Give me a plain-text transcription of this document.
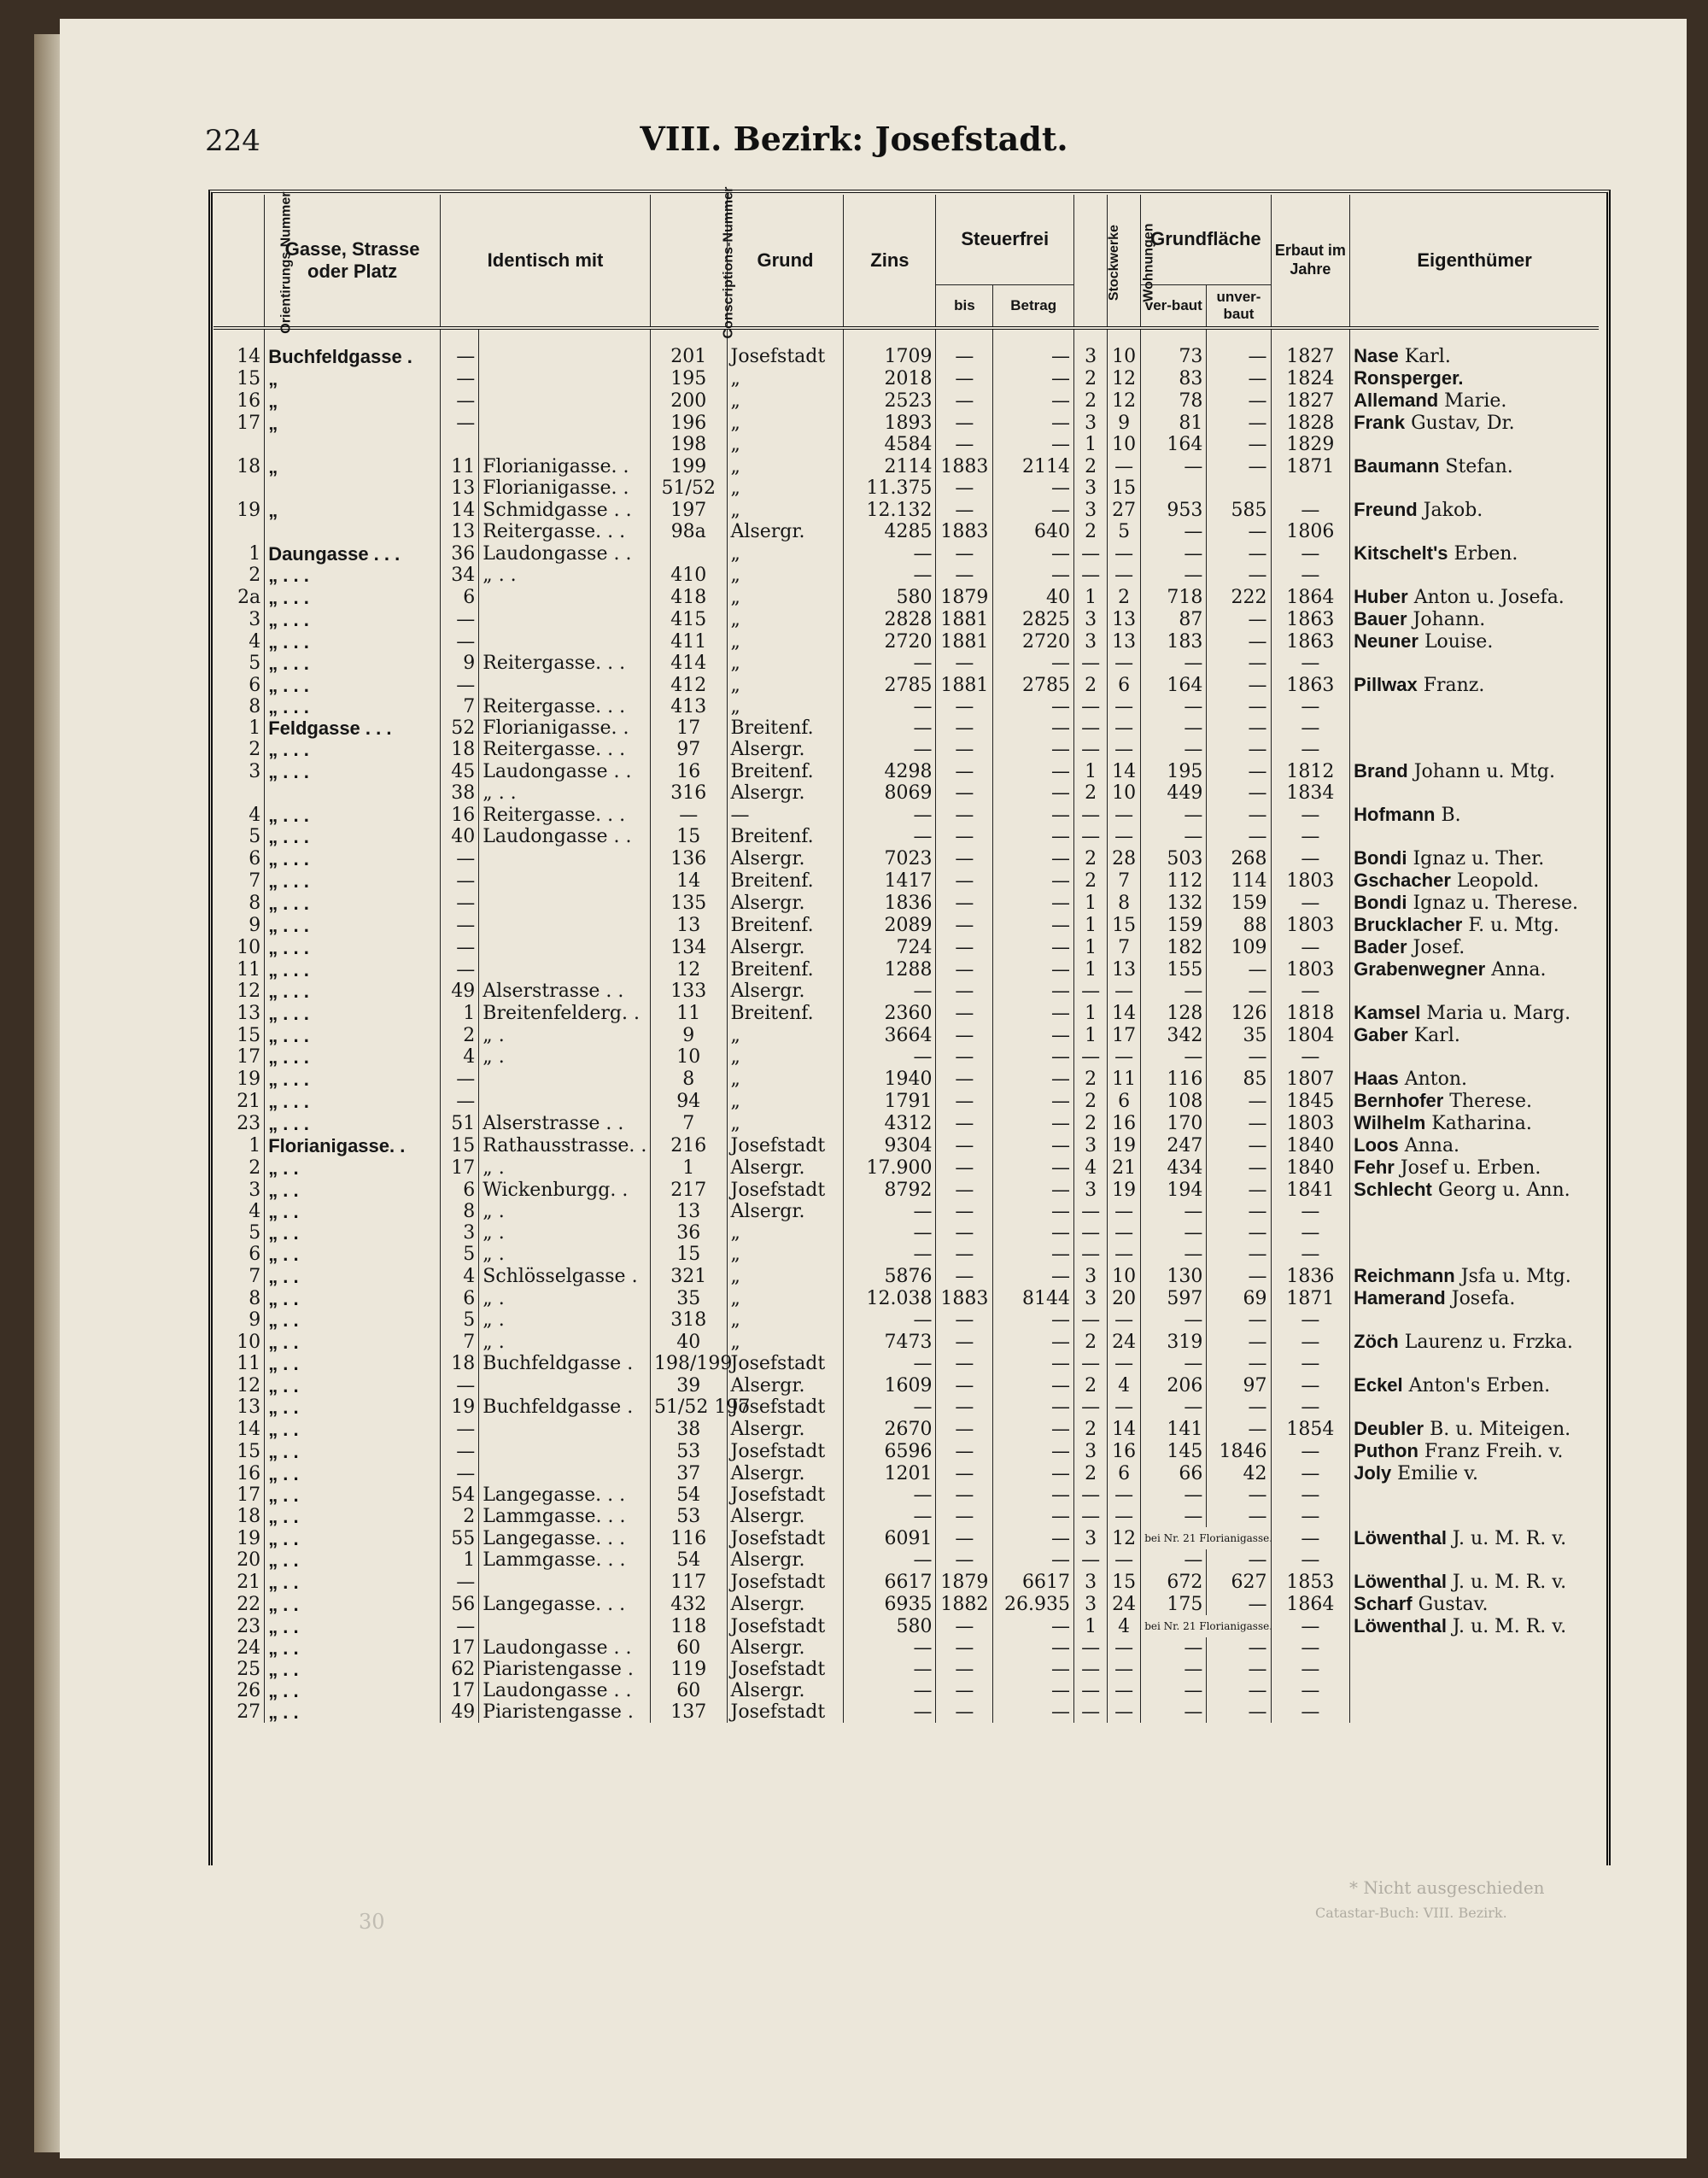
224	VIII. Bezirk: Josefstadt.
Orientirungs-Nummer	Gasse, Strasse oder Platz	Identisch mit		Conscriptions-Nummer	Grund	Zins	Steuerfrei		Stockwerke	Wohnungen	Grundfläche		Erbaut im Jahre	Eigenthümer
							bis	Betrag			ver-baut	unver-baut		

14	Buchfeldgasse .	—		201	Josefstadt	1709	—	—	3	10	73	—	1827	Nase Karl.
15	„	—		195	„	2018	—	—	2	12	83	—	1824	Ronsperger.
16	„	—		200	„	2523	—	—	2	12	78	—	1827	Allemand Marie.
17	„	—		196	„	1893	—	—	3	9	81	—	1828	Frank Gustav, Dr.
				198	„	4584	—	—	1	10	164	—	1829	
18	„	11	Florianigasse. .	199	„	2114	1883	2114	2	—	—	—	1871	Baumann Stefan.
		13	Florianigasse. .	51/52	„	11.375	—	—	3	15				
19	„	14	Schmidgasse . .	197	„	12.132	—	—	3	27	953	585	—	Freund Jakob.
		13	Reitergasse. . .	98a	Alsergr.	4285	1883	640	2	5	—	—	1806	
1	Daungasse . . .	36	Laudongasse . .		„	—	—	—	—	—	—	—	—	Kitschelt's Erben.
2	„ . . .	34	„ . .	410	„	—	—	—	—	—	—	—	—	
2a	„ . . .	6		418	„	580	1879	40	1	2	718	222	1864	Huber Anton u. Josefa.
3	„ . . .	—		415	„	2828	1881	2825	3	13	87	—	1863	Bauer Johann.
4	„ . . .	—		411	„	2720	1881	2720	3	13	183	—	1863	Neuner Louise.
5	„ . . .	9	Reitergasse. . .	414	„	—	—	—	—	—	—	—	—	
6	„ . . .	—		412	„	2785	1881	2785	2	6	164	—	1863	Pillwax Franz.
8	„ . . .	7	Reitergasse. . .	413	„	—	—	—	—	—	—	—	—	
1	Feldgasse . . .	52	Florianigasse. .	17	Breitenf.	—	—	—	—	—	—	—	—	
2	„ . . .	18	Reitergasse. . .	97	Alsergr.	—	—	—	—	—	—	—	—	
3	„ . . .	45	Laudongasse . .	16	Breitenf.	4298	—	—	1	14	195	—	1812	Brand Johann u. Mtg.
		38	„ . .	316	Alsergr.	8069	—	—	2	10	449	—	1834	
4	„ . . .	16	Reitergasse. . .	—	—	—	—	—	—	—	—	—	—	Hofmann B.
5	„ . . .	40	Laudongasse . .	15	Breitenf.	—	—	—	—	—	—	—	—	
6	„ . . .	—		136	Alsergr.	7023	—	—	2	28	503	268	—	Bondi Ignaz u. Ther.
7	„ . . .	—		14	Breitenf.	1417	—	—	2	7	112	114	1803	Gschacher Leopold.
8	„ . . .	—		135	Alsergr.	1836	—	—	1	8	132	159	—	Bondi Ignaz u. Therese.
9	„ . . .	—		13	Breitenf.	2089	—	—	1	15	159	88	1803	Brucklacher F. u. Mtg.
10	„ . . .	—		134	Alsergr.	724	—	—	1	7	182	109	—	Bader Josef.
11	„ . . .	—		12	Breitenf.	1288	—	—	1	13	155	—	1803	Grabenwegner Anna.
12	„ . . .	49	Alserstrasse . .	133	Alsergr.	—	—	—	—	—	—	—	—	
13	„ . . .	1	Breitenfelderg. .	11	Breitenf.	2360	—	—	1	14	128	126	1818	Kamsel Maria u. Marg.
15	„ . . .	2	„ .	9	„	3664	—	—	1	17	342	35	1804	Gaber Karl.
17	„ . . .	4	„ .	10	„	—	—	—	—	—	—	—	—	
19	„ . . .	—		8	„	1940	—	—	2	11	116	85	1807	Haas Anton.
21	„ . . .	—		94	„	1791	—	—	2	6	108	—	1845	Bernhofer Therese.
23	„ . . .	51	Alserstrasse . .	7	„	4312	—	—	2	16	170	—	1803	Wilhelm Katharina.
1	Florianigasse. .	15	Rathausstrasse. .	216	Josefstadt	9304	—	—	3	19	247	—	1840	Loos Anna.
2	„ . .	17	„ .	1	Alsergr.	17.900	—	—	4	21	434	—	1840	Fehr Josef u. Erben.
3	„ . .	6	Wickenburgg. .	217	Josefstadt	8792	—	—	3	19	194	—	1841	Schlecht Georg u. Ann.
4	„ . .	8	„ .	13	Alsergr.	—	—	—	—	—	—	—	—	
5	„ . .	3	„ .	36	„	—	—	—	—	—	—	—	—	
6	„ . .	5	„ .	15	„	—	—	—	—	—	—	—	—	
7	„ . .	4	Schlösselgasse .	321	„	5876	—	—	3	10	130	—	1836	Reichmann Jsfa u. Mtg.
8	„ . .	6	„ .	35	„	12.038	1883	8144	3	20	597	69	1871	Hamerand Josefa.
9	„ . .	5	„ .	318	„	—	—	—	—	—	—	—	—	
10	„ . .	7	„ .	40	„	7473	—	—	2	24	319	—	—	Zöch Laurenz u. Frzka.
11	„ . .	18	Buchfeldgasse .	198/199	Josefstadt	—	—	—	—	—	—	—	—	
12	„ . .	—		39	Alsergr.	1609	—	—	2	4	206	97	—	Eckel Anton's Erben.
13	„ . .	19	Buchfeldgasse .	51/52 197	Josefstadt	—	—	—	—	—	—	—	—	
14	„ . .	—		38	Alsergr.	2670	—	—	2	14	141	—	1854	Deubler B. u. Miteigen.
15	„ . .	—		53	Josefstadt	6596	—	—	3	16	145	1846	—	Puthon Franz Freih. v.
16	„ . .	—		37	Alsergr.	1201	—	—	2	6	66	42	—	Joly Emilie v.
17	„ . .	54	Langegasse. . .	54	Josefstadt	—	—	—	—	—	—	—	—	
18	„ . .	2	Lammgasse. . .	53	Alsergr.	—	—	—	—	—	—	—	—	
19	„ . .	55	Langegasse. . .	116	Josefstadt	6091	—	—	3	12	bei Nr. 21 Florianigasse.		—	Löwenthal J. u. M. R. v.
20	„ . .	1	Lammgasse. . .	54	Alsergr.	—	—	—	—	—	—	—	—	
21	„ . .	—		117	Josefstadt	6617	1879	6617	3	15	672	627	1853	Löwenthal J. u. M. R. v.
22	„ . .	56	Langegasse. . .	432	Alsergr.	6935	1882	26.935	3	24	175	—	1864	Scharf Gustav.
23	„ . .	—		118	Josefstadt	580	—	—	1	4	bei Nr. 21 Florianigasse.		—	Löwenthal J. u. M. R. v.
24	„ . .	17	Laudongasse . .	60	Alsergr.	—	—	—	—	—	—	—	—	
25	„ . .	62	Piaristengasse .	119	Josefstadt	—	—	—	—	—	—	—	—	
26	„ . .	17	Laudongasse . .	60	Alsergr.	—	—	—	—	—	—	—	—	
27	„ . .	49	Piaristengasse .	137	Josefstadt	—	—	—	—	—	—	—	—	
* Nicht ausgeschieden
Catastar-Buch: VIII. Bezirk.
30
